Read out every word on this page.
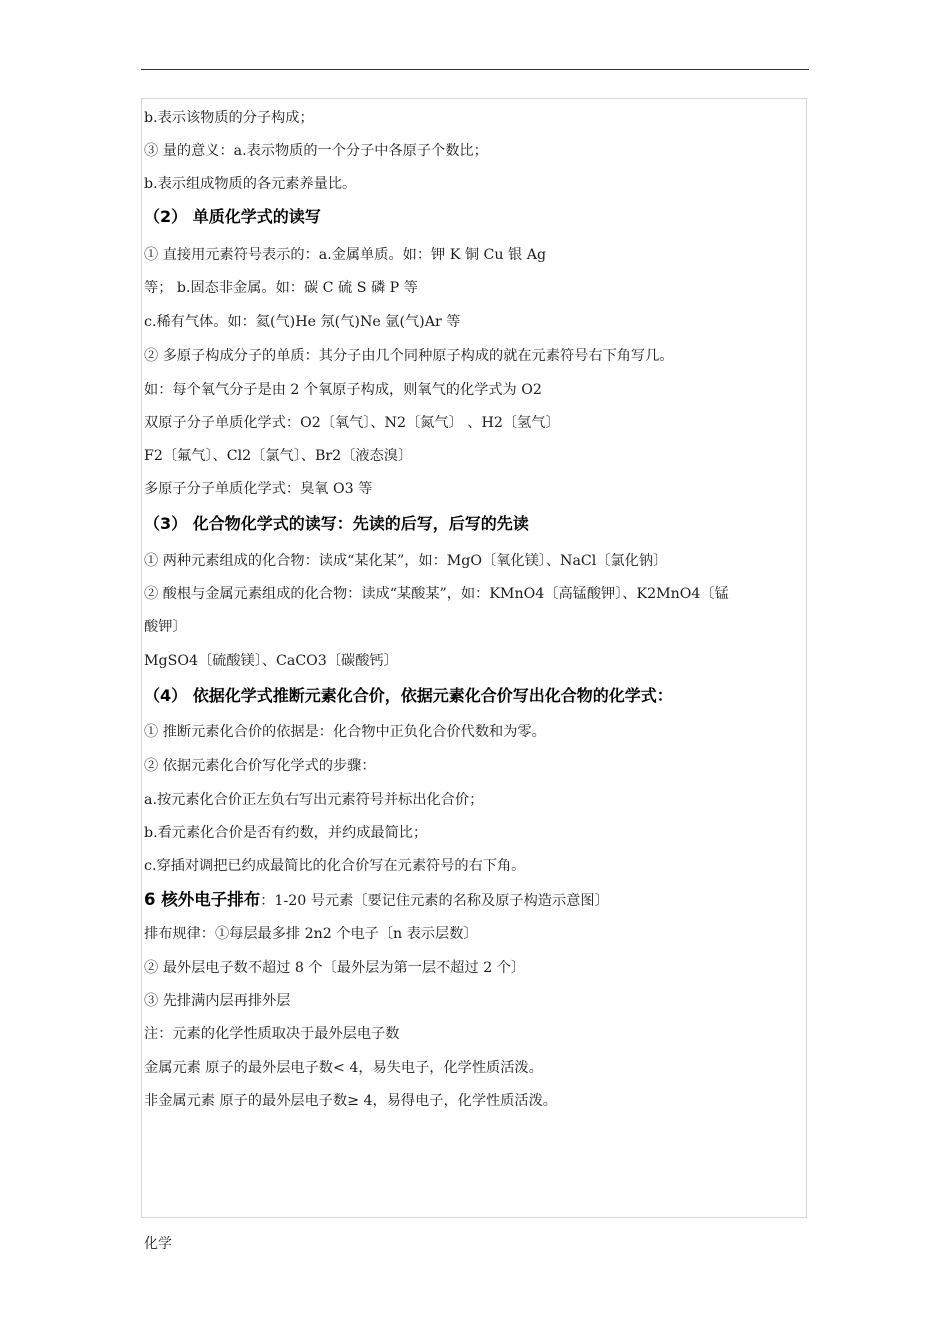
b.表示该物质的分子构成；
③ 量的意义：a.表示物质的一个分子中各原子个数比；
b.表示组成物质的各元素养量比。
（2） 单质化学式的读写
① 直接用元素符号表示的：a.金属单质。如：钾 K 铜 Cu 银 Ag
等； b.固态非金属。如：碳 C 硫 S 磷 P 等
c.稀有气体。如：氦(气)He 氖(气)Ne 氩(气)Ar 等
② 多原子构成分子的单质：其分子由几个同种原子构成的就在元素符号右下角写几。
如：每个氧气分子是由 2 个氧原子构成，则氧气的化学式为 O2
双原子分子单质化学式：O2〔氧气〕、N2〔氮气〕 、H2〔氢气〕
F2〔氟气〕、Cl2〔氯气〕、Br2〔液态溴〕
多原子分子单质化学式：臭氧 O3 等
（3） 化合物化学式的读写：先读的后写，后写的先读
① 两种元素组成的化合物：读成“某化某”，如：MgO〔氧化镁〕、NaCl〔氯化钠〕
② 酸根与金属元素组成的化合物：读成“某酸某”，如：KMnO4〔高锰酸钾〕、K2MnO4〔锰
酸钾〕
MgSO4〔硫酸镁〕、CaCO3〔碳酸钙〕
（4） 依据化学式推断元素化合价，依据元素化合价写出化合物的化学式：
① 推断元素化合价的依据是：化合物中正负化合价代数和为零。
② 依据元素化合价写化学式的步骤：
a.按元素化合价正左负右写出元素符号并标出化合价；
b.看元素化合价是否有约数，并约成最简比；
c.穿插对调把已约成最简比的化合价写在元素符号的右下角。
6 核外电子排布：1-20 号元素〔要记住元素的名称及原子构造示意图〕
排布规律：①每层最多排 2n2 个电子〔n 表示层数〕
② 最外层电子数不超过 8 个〔最外层为第一层不超过 2 个〕
③ 先排满内层再排外层
注：元素的化学性质取决于最外层电子数
金属元素 原子的最外层电子数< 4，易失电子，化学性质活泼。
非金属元素 原子的最外层电子数≥ 4，易得电子，化学性质活泼。
化学
